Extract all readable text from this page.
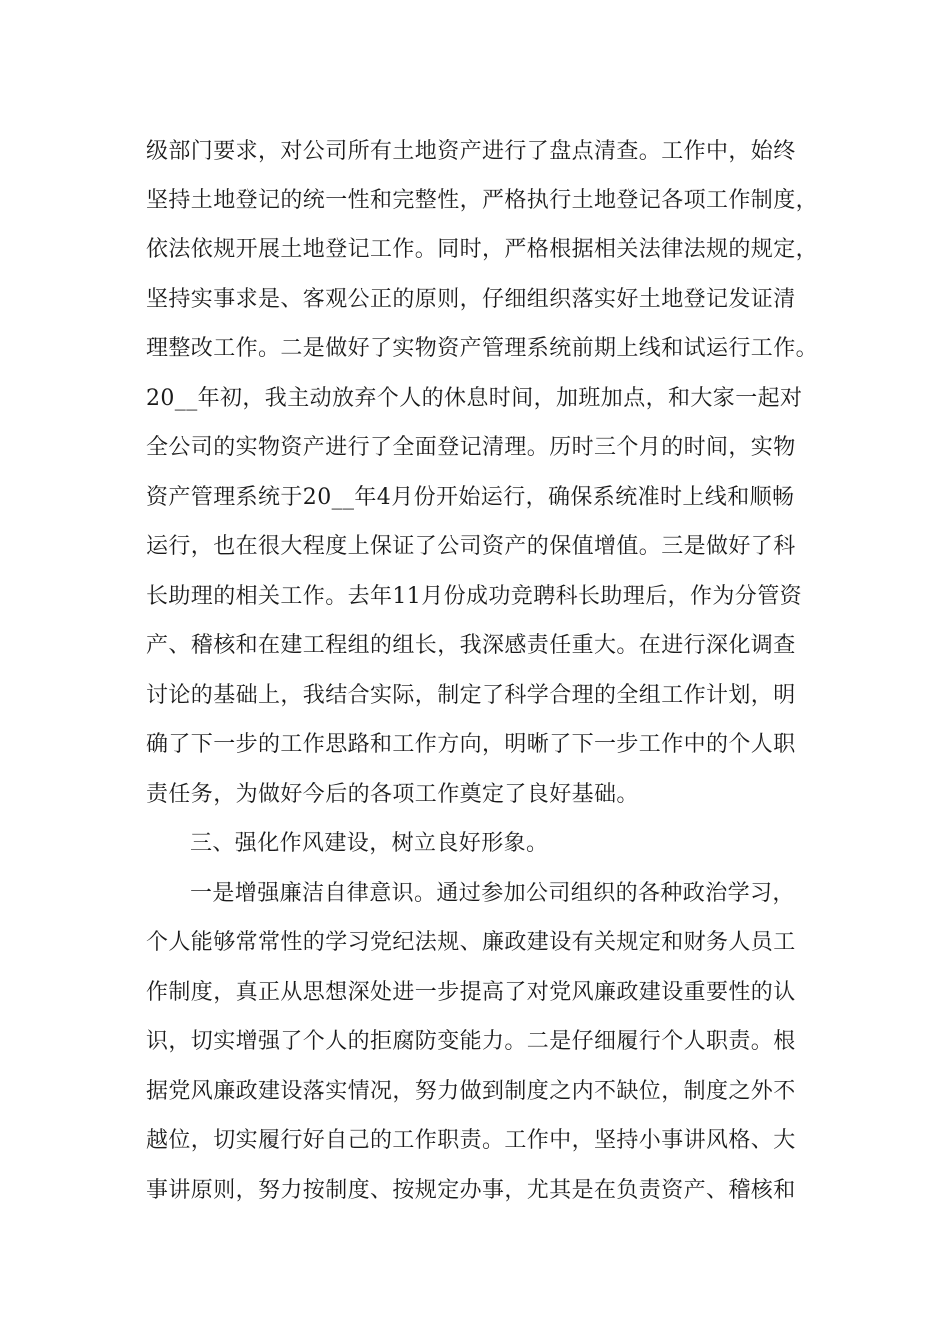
级部门要求，对公司所有土地资产进行了盘点清查。工作中，始终
坚持土地登记的统一性和完整性，严格执行土地登记各项工作制度，
依法依规开展土地登记工作。同时，严格根据相关法律法规的规定，
坚持实事求是、客观公正的原则，仔细组织落实好土地登记发证清
理整改工作。二是做好了实物资产管理系统前期上线和试运行工作。
20__年初，我主动放弃个人的休息时间，加班加点，和大家一起对
全公司的实物资产进行了全面登记清理。历时三个月的时间，实物
资产管理系统于20__年4月份开始运行，确保系统准时上线和顺畅
运行，也在很大程度上保证了公司资产的保值增值。三是做好了科
长助理的相关工作。去年11月份成功竞聘科长助理后，作为分管资
产、稽核和在建工程组的组长，我深感责任重大。在进行深化调查
讨论的基础上，我结合实际，制定了科学合理的全组工作计划，明
确了下一步的工作思路和工作方向，明晰了下一步工作中的个人职
责任务，为做好今后的各项工作奠定了良好基础。
三、强化作风建设，树立良好形象。
一是增强廉洁自律意识。通过参加公司组织的各种政治学习，
个人能够常常性的学习党纪法规、廉政建设有关规定和财务人员工
作制度，真正从思想深处进一步提高了对党风廉政建设重要性的认
识，切实增强了个人的拒腐防变能力。二是仔细履行个人职责。根
据党风廉政建设落实情况，努力做到制度之内不缺位，制度之外不
越位，切实履行好自己的工作职责。工作中，坚持小事讲风格、大
事讲原则，努力按制度、按规定办事，尤其是在负责资产、稽核和
